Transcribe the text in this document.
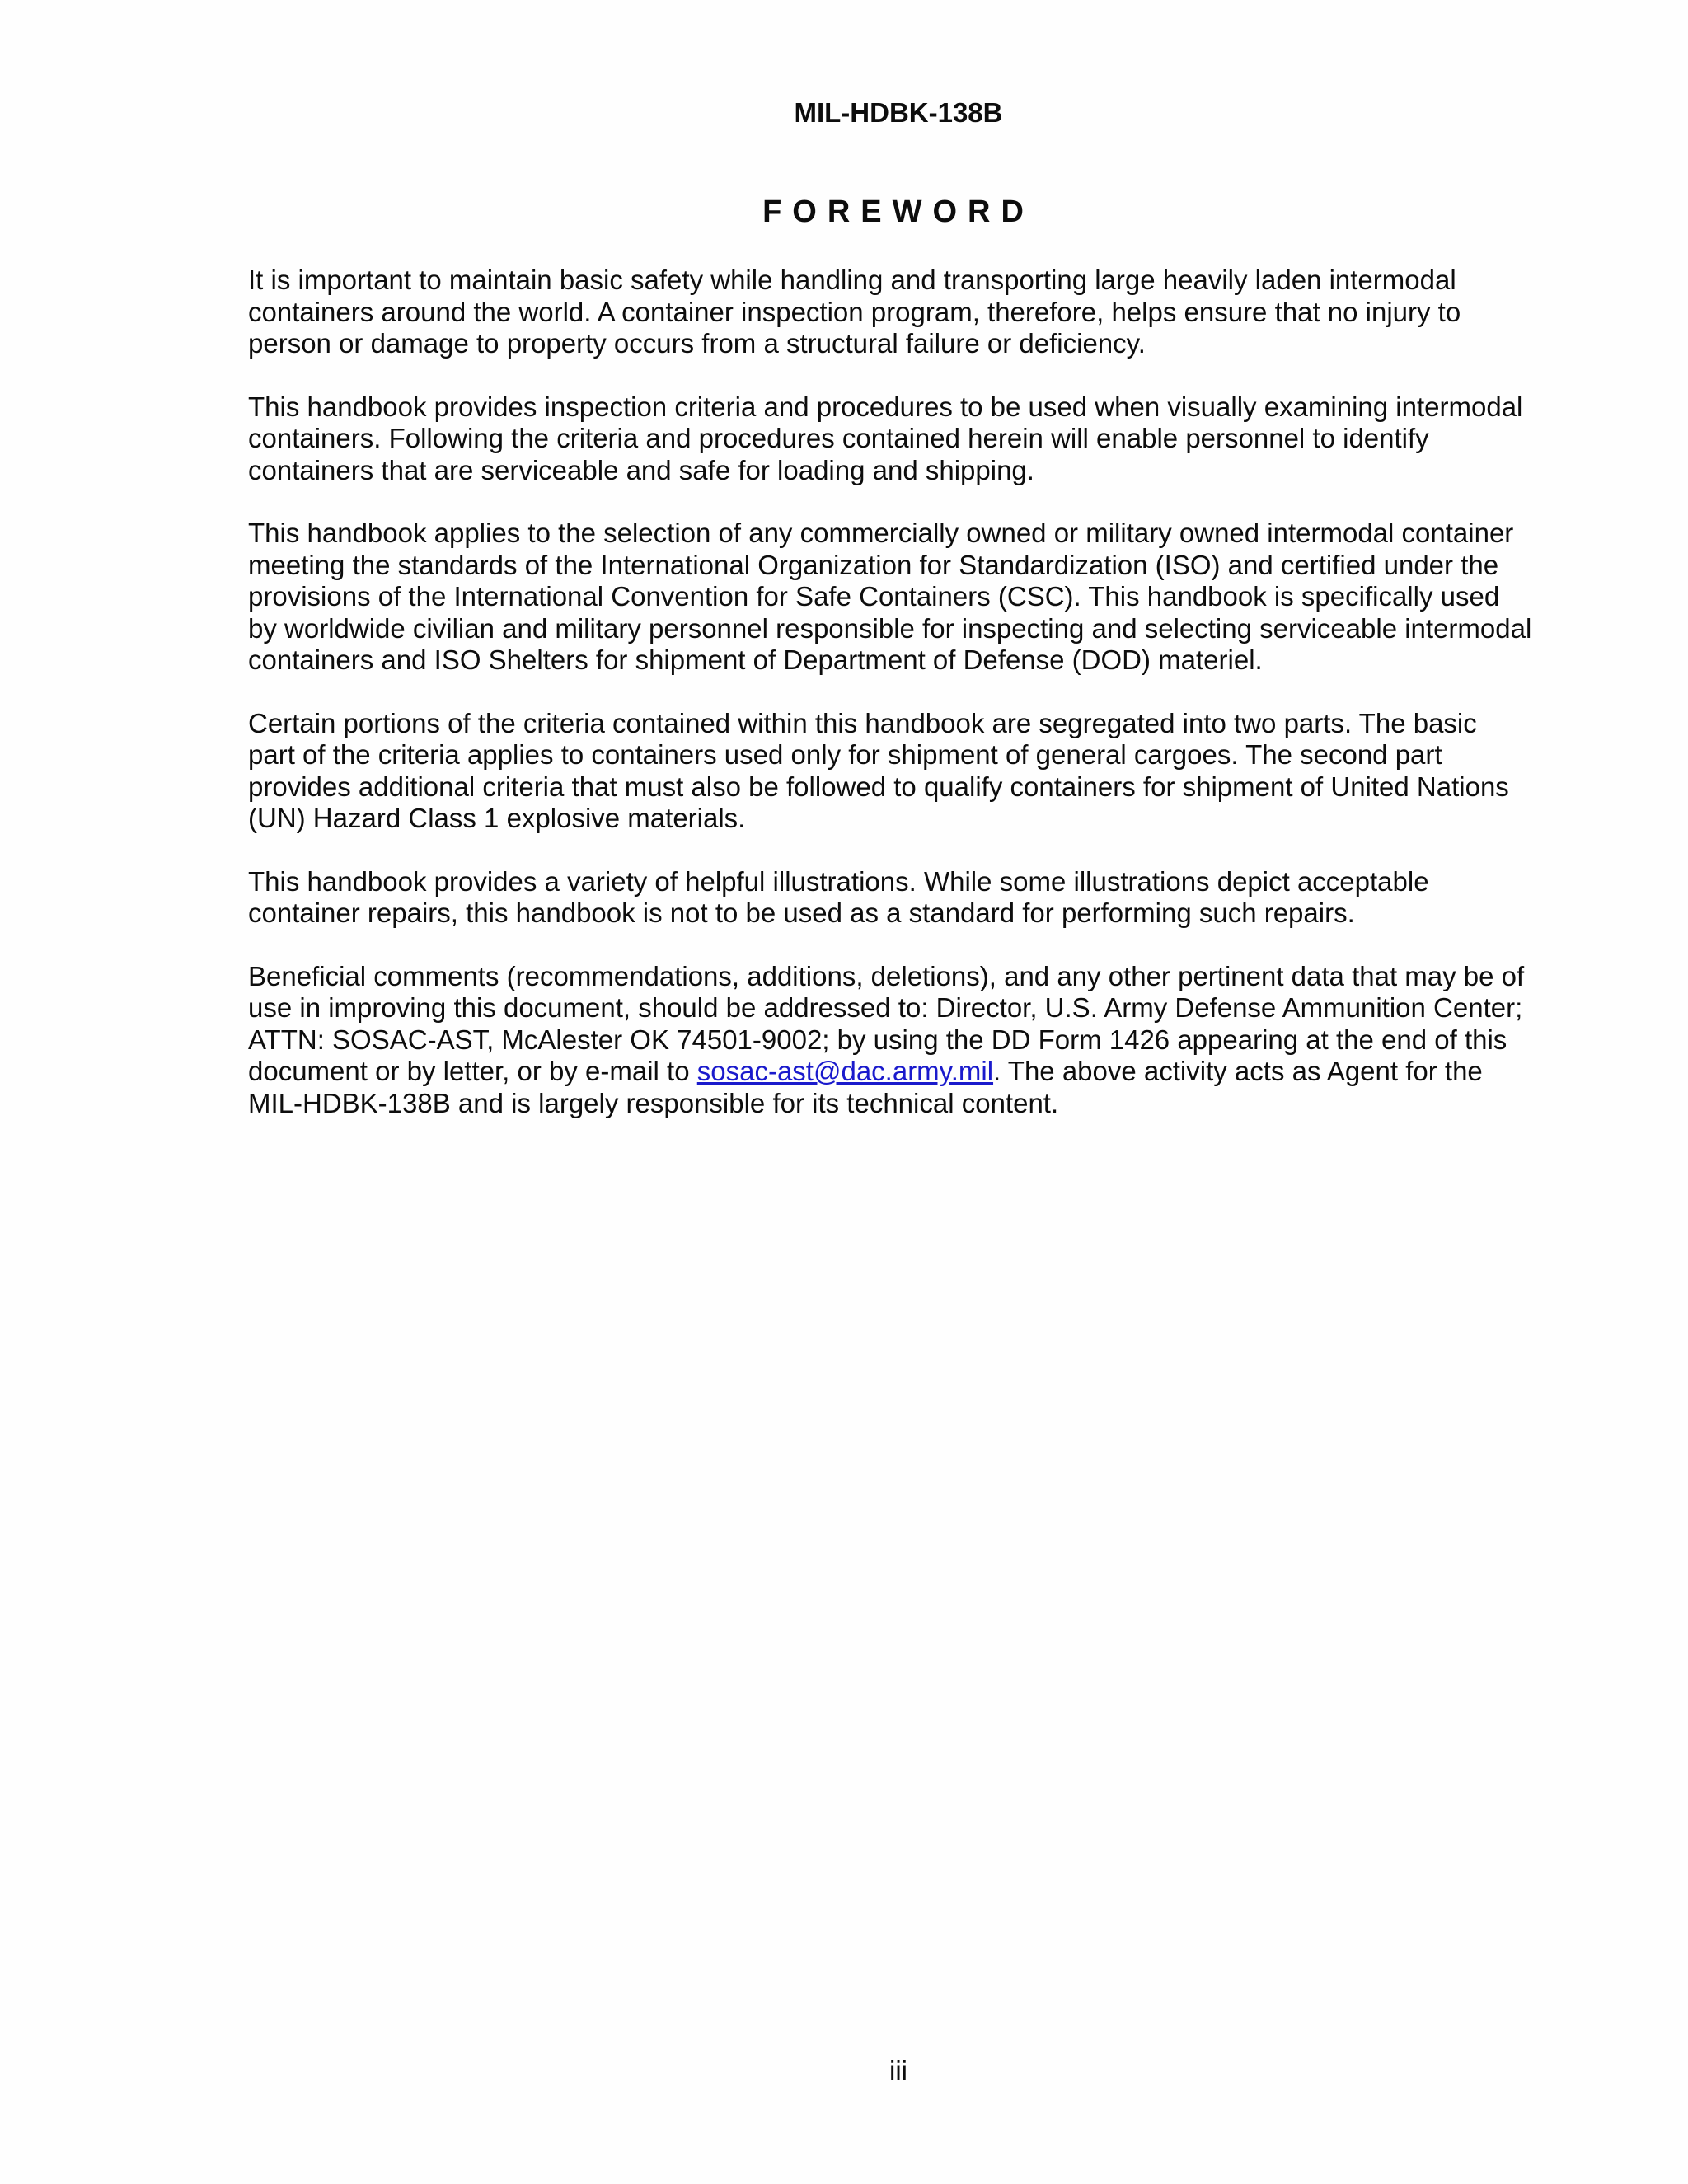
MIL-HDBK-138B
FOREWORD

It is important to maintain basic safety while handling and transporting large heavily laden intermodal
containers around the world. A container inspection program, therefore, helps ensure that no injury to
person or damage to property occurs from a structural failure or deficiency.

This handbook provides inspection criteria and procedures to be used when visually examining intermodal
containers. Following the criteria and procedures contained herein will enable personnel to identify
containers that are serviceable and safe for loading and shipping.

This handbook applies to the selection of any commercially owned or military owned intermodal container
meeting the standards of the International Organization for Standardization (ISO) and certified under the
provisions of the International Convention for Safe Containers (CSC). This handbook is specifically used
by worldwide civilian and military personnel responsible for inspecting and selecting serviceable intermodal
containers and ISO Shelters for shipment of Department of Defense (DOD) materiel.

Certain portions of the criteria contained within this handbook are segregated into two parts. The basic
part of the criteria applies to containers used only for shipment of general cargoes. The second part
provides additional criteria that must also be followed to qualify containers for shipment of United Nations
(UN) Hazard Class 1 explosive materials.

This handbook provides a variety of helpful illustrations. While some illustrations depict acceptable
container repairs, this handbook is not to be used as a standard for performing such repairs.

Beneficial comments (recommendations, additions, deletions), and any other pertinent data that may be of
use in improving this document, should be addressed to: Director, U.S. Army Defense Ammunition Center;
ATTN: SOSAC-AST, McAlester OK 74501-9002; by using the DD Form 1426 appearing at the end of this
document or by letter, or by e-mail to sosac-ast@dac.army.mil. The above activity acts as Agent for the
MIL-HDBK-138B and is largely responsible for its technical content.

iii
